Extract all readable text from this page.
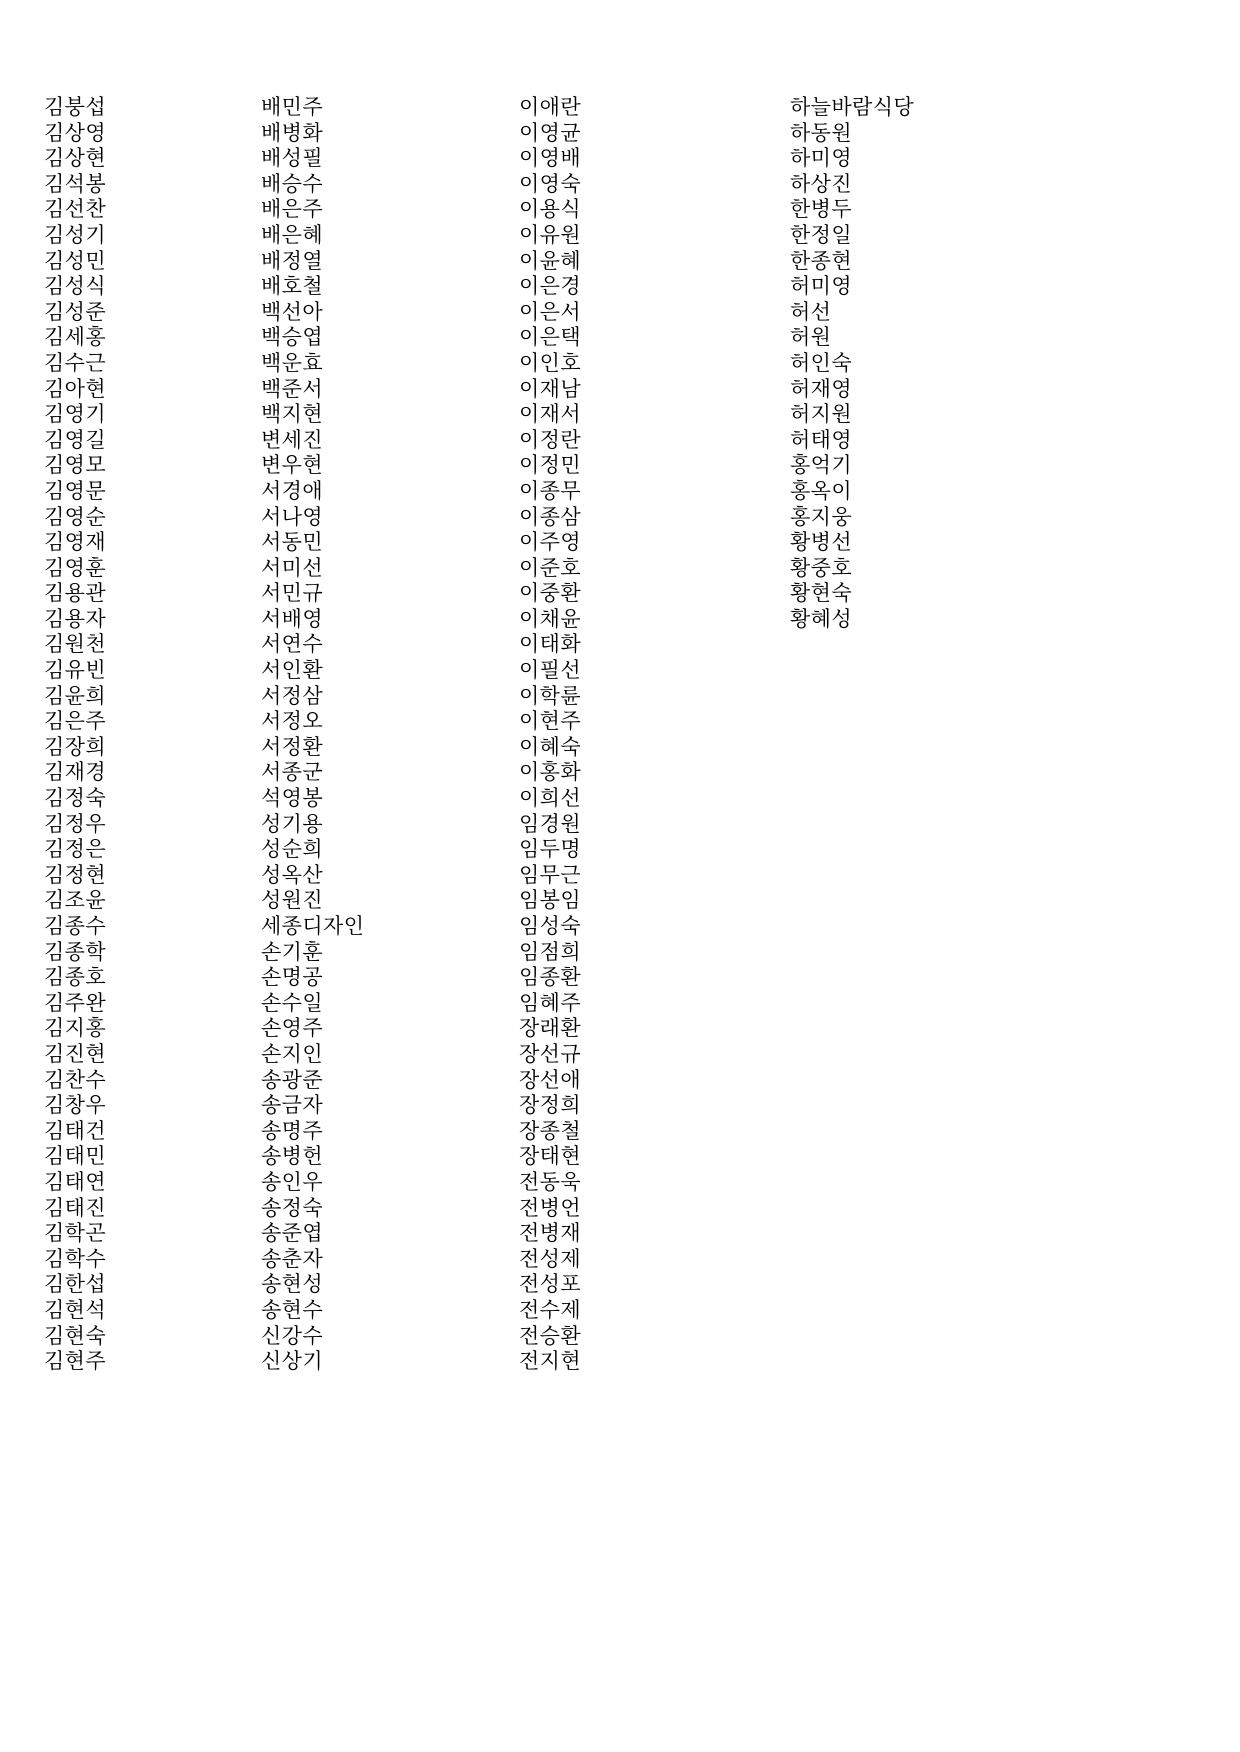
김붕섭
김상영
김상현
김석봉
김선찬
김성기
김성민
김성식
김성준
김세홍
김수근
김아현
김영기
김영길
김영모
김영문
김영순
김영재
김영훈
김용관
김용자
김원천
김유빈
김윤희
김은주
김장희
김재경
김정숙
김정우
김정은
김정현
김조윤
김종수
김종학
김종호
김주완
김지홍
김진현
김찬수
김창우
김태건
김태민
김태연
김태진
김학곤
김학수
김한섭
김현석
김현숙
김현주
배민주
배병화
배성필
배승수
배은주
배은혜
배정열
배호철
백선아
백승엽
백운효
백준서
백지현
변세진
변우현
서경애
서나영
서동민
서미선
서민규
서배영
서연수
서인환
서정삼
서정오
서정환
서종군
석영봉
성기용
성순희
성옥산
성원진
세종디자인
손기훈
손명공
손수일
손영주
손지인
송광준
송금자
송명주
송병헌
송인우
송정숙
송준엽
송춘자
송현성
송현수
신강수
신상기
이애란
이영균
이영배
이영숙
이용식
이유원
이윤혜
이은경
이은서
이은택
이인호
이재남
이재서
이정란
이정민
이종무
이종삼
이주영
이준호
이중환
이채윤
이태화
이필선
이학륜
이현주
이혜숙
이홍화
이희선
임경원
임두명
임무근
임봉임
임성숙
임점희
임종환
임혜주
장래환
장선규
장선애
장정희
장종철
장태현
전동욱
전병언
전병재
전성제
전성포
전수제
전승환
전지현
하늘바람식당
하동원
하미영
하상진
한병두
한정일
한종현
허미영
허선
허원
허인숙
허재영
허지원
허태영
홍억기
홍옥이
홍지웅
황병선
황중호
황현숙
황혜성
